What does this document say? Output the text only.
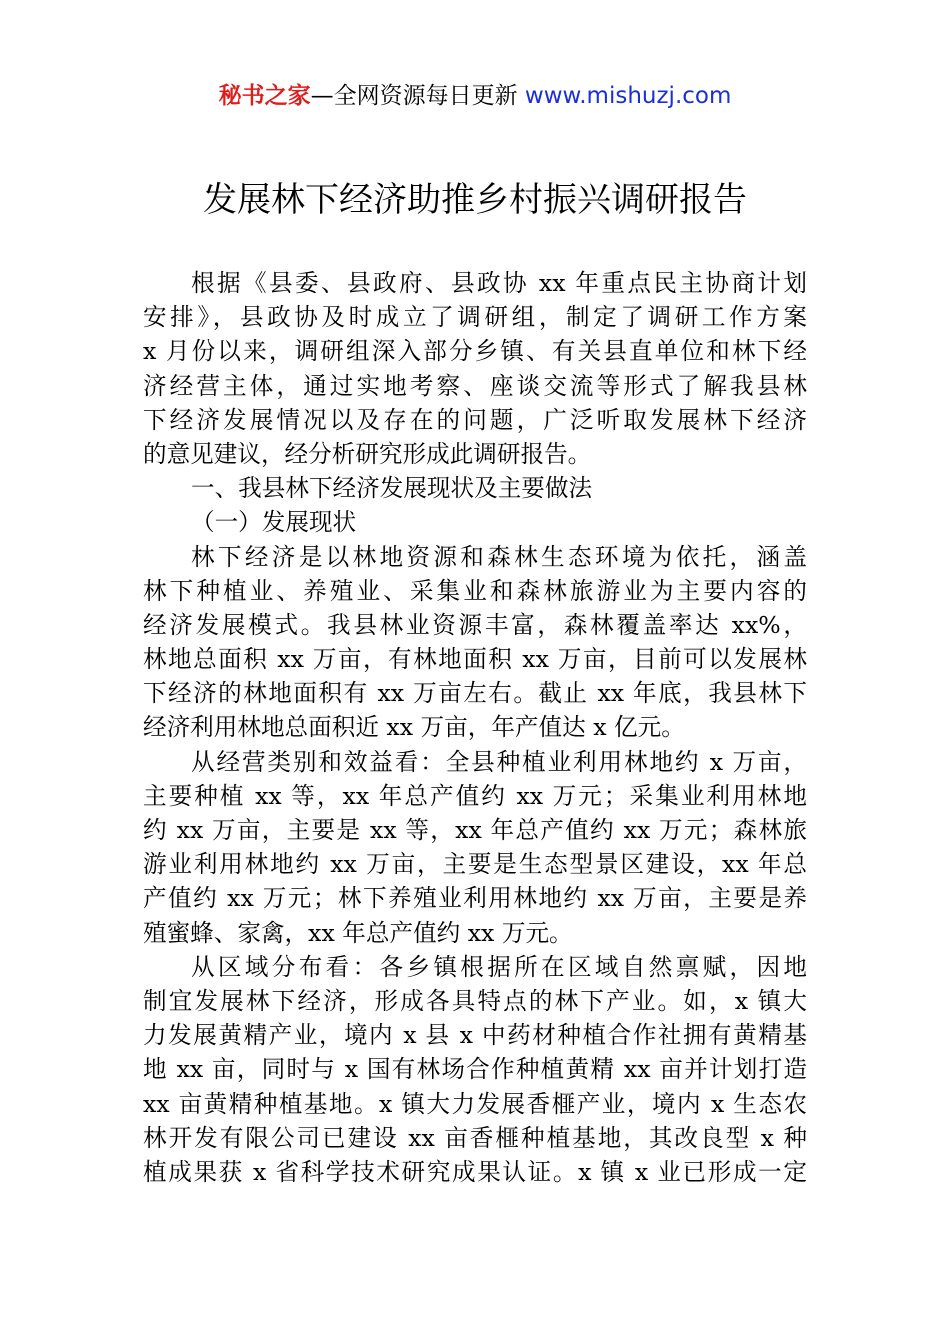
秘书之家—全网资源每日更新 www.mishuzj.com
发展林下经济助推乡村振兴调研报告
根据《县委、县政府、县政协 xx 年重点民主协商计划
安排》，县政协及时成立了调研组，制定了调研工作方案
x 月份以来，调研组深入部分乡镇、有关县直单位和林下经
济经营主体，通过实地考察、座谈交流等形式了解我县林
下经济发展情况以及存在的问题，广泛听取发展林下经济
的意见建议，经分析研究形成此调研报告。
一、我县林下经济发展现状及主要做法
（一）发展现状
林下经济是以林地资源和森林生态环境为依托，涵盖
林下种植业、养殖业、采集业和森林旅游业为主要内容的
经济发展模式。我县林业资源丰富，森林覆盖率达 xx%，
林地总面积 xx 万亩，有林地面积 xx 万亩，目前可以发展林
下经济的林地面积有 xx 万亩左右。截止 xx 年底，我县林下
经济利用林地总面积近 xx 万亩，年产值达 x 亿元。
从经营类别和效益看：全县种植业利用林地约 x 万亩，
主要种植 xx 等，xx 年总产值约 xx 万元；采集业利用林地
约 xx 万亩，主要是 xx 等，xx 年总产值约 xx 万元；森林旅
游业利用林地约 xx 万亩，主要是生态型景区建设，xx 年总
产值约 xx 万元；林下养殖业利用林地约 xx 万亩，主要是养
殖蜜蜂、家禽，xx 年总产值约 xx 万元。
从区域分布看：各乡镇根据所在区域自然禀赋，因地
制宜发展林下经济，形成各具特点的林下产业。如，x 镇大
力发展黄精产业，境内 x 县 x 中药材种植合作社拥有黄精基
地 xx 亩，同时与 x 国有林场合作种植黄精 xx 亩并计划打造
xx 亩黄精种植基地。x 镇大力发展香榧产业，境内 x 生态农
林开发有限公司已建设 xx 亩香榧种植基地，其改良型 x 种
植成果获 x 省科学技术研究成果认证。x 镇 x 业已形成一定
